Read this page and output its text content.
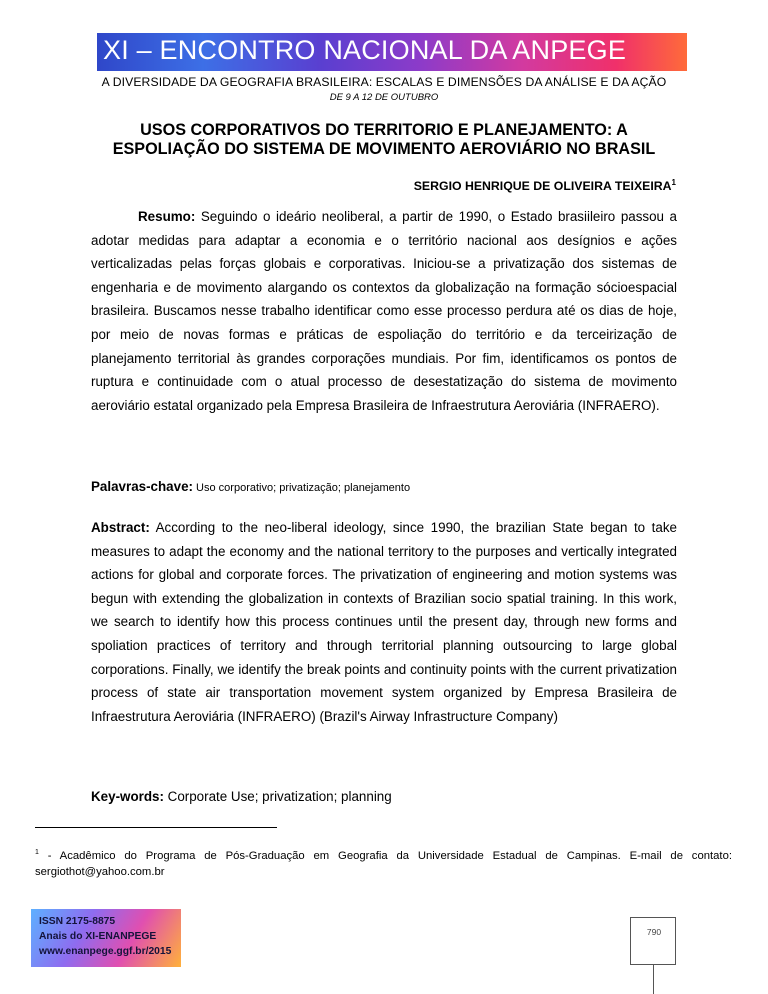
XI – ENCONTRO NACIONAL DA ANPEGE
A DIVERSIDADE DA GEOGRAFIA BRASILEIRA: ESCALAS E DIMENSÕES DA ANÁLISE E DA AÇÃO
DE 9 A 12 DE OUTUBRO
USOS CORPORATIVOS DO TERRITORIO E PLANEJAMENTO: A
ESPOLIAÇÃO DO SISTEMA DE MOVIMENTO AEROVIÁRIO NO BRASIL
SERGIO HENRIQUE DE OLIVEIRA TEIXEIRA$^1$
Resumo: Seguindo o ideário neoliberal, a partir de 1990, o Estado brasiileiro passou a adotar medidas para adaptar a economia e o território nacional aos desígnios e ações verticalizadas pelas forças globais e corporativas. Iniciou-se a privatização dos sistemas de engenharia e de movimento alargando os contextos da globalização na formação sócioespacial brasileira. Buscamos nesse trabalho identificar como esse processo perdura até os dias de hoje, por meio de novas formas e práticas de espoliação do território e da terceirização de planejamento territorial às grandes corporações mundiais. Por fim, identificamos os pontos de ruptura e continuidade com o atual processo de desestatização do sistema de movimento aeroviário estatal organizado pela Empresa Brasileira de Infraestrutura Aeroviária (INFRAERO).
Palavras-chave: Uso corporativo; privatização; planejamento
Abstract: According to the neo-liberal ideology, since 1990, the brazilian State began to take measures to adapt the economy and the national territory to the purposes and vertically integrated actions for global and corporate forces. The privatization of engineering and motion systems was begun with extending the globalization in contexts of Brazilian socio spatial training. In this work, we search to identify how this process continues until the present day, through new forms and spoliation practices of territory and through territorial planning outsourcing to large global corporations. Finally, we identify the break points and continuity points with the current privatization process of state air transportation movement system organized by Empresa Brasileira de Infraestrutura Aeroviária (INFRAERO) (Brazil's Airway Infrastructure Company)
Key-words: Corporate Use; privatization; planning
$^1$ - Acadêmico do Programa de Pós-Graduação em Geografia da Universidade Estadual de Campinas. E-mail de contato: sergiothot@yahoo.com.br
ISSN 2175-8875
Anais do XI-ENANPEGE
www.enanpege.ggf.br/2015
790
